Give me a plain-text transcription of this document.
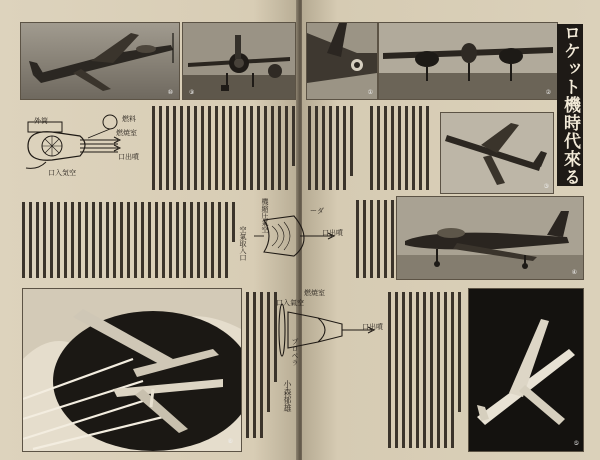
⑩	⑨
外筒	燃料
燃焼室
口出噴
口入気空
⑧
小森郁雄
①	② ロケット機時代來る
③
機縮圧氣空	ーダ
口出噴
空氣取入口
④
口入氣空
燃焼室
口出噴
プロペラ
⑤
